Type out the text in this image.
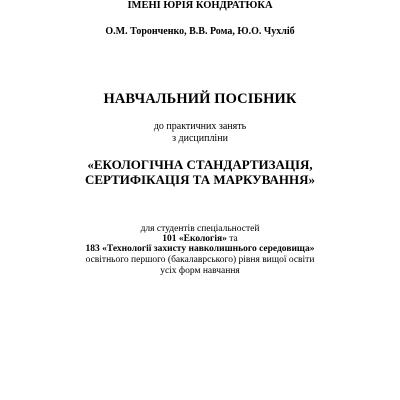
ІМЕНІ ЮРІЯ КОНДРАТЮКА
О.М. Торонченко, В.В. Рома, Ю.О. Чухліб
НАВЧАЛЬНИЙ ПОСІБНИК
до практичних занять
з дисципліни
«ЕКОЛОГІЧНА СТАНДАРТИЗАЦІЯ,
СЕРТИФІКАЦІЯ ТА МАРКУВАННЯ»
для студентів спеціальностей
101 «Екологія» та
183 «Технології захисту навколишнього середовища»
освітнього першого (бакалаврського) рівня вищої освіти
усіх форм навчання
